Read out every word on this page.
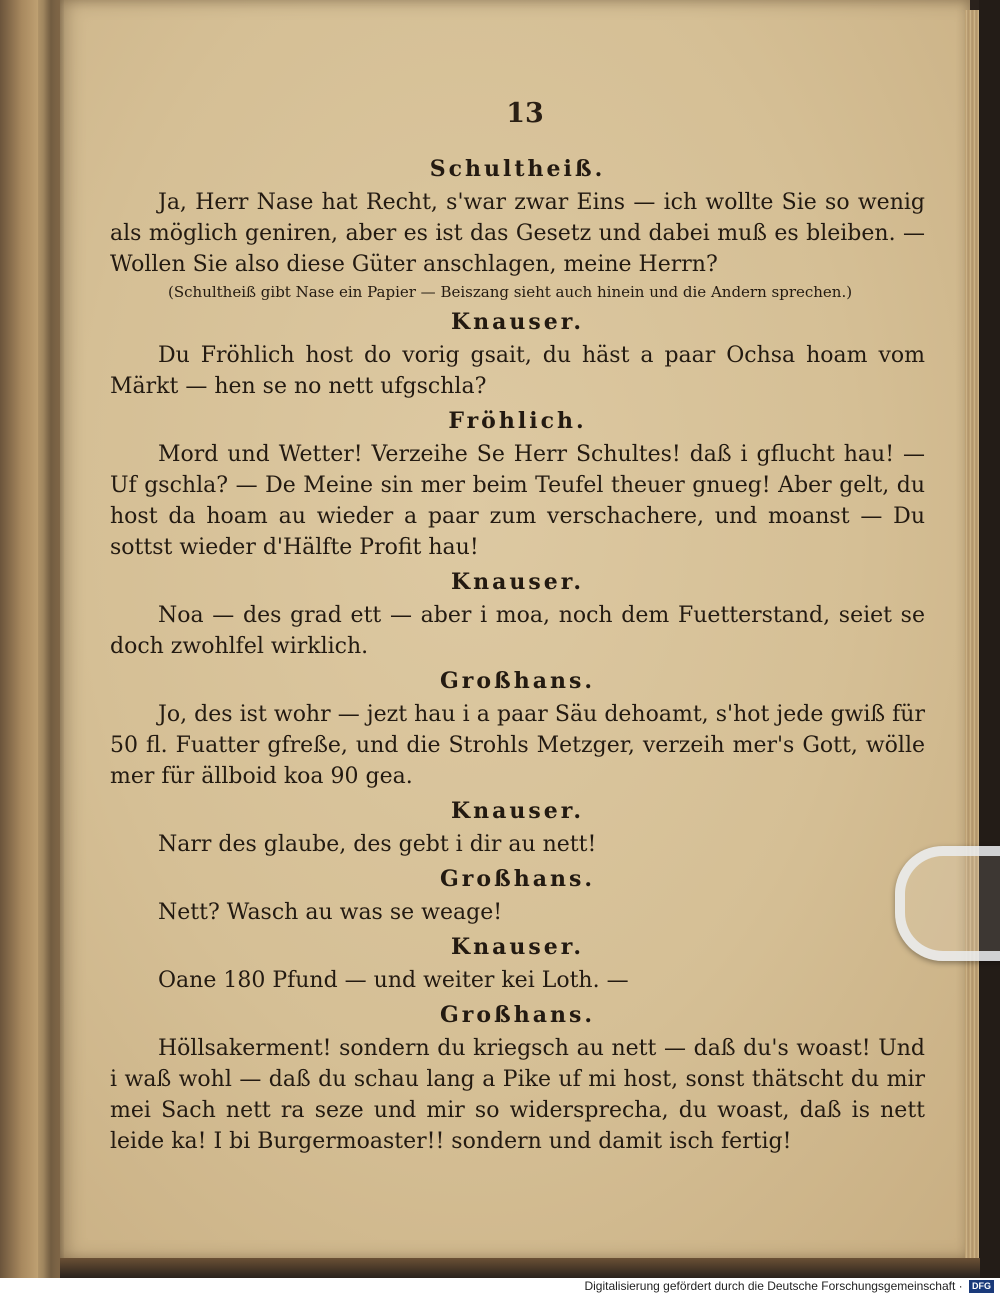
13

Schultheiß.

Ja, Herr Nase hat Recht, s'war zwar Eins — ich wollte Sie so wenig als möglich geniren, aber es ist das Gesetz und dabei muß es bleiben. — Wollen Sie also diese Güter anschlagen, meine Herrn?

(Schultheiß gibt Nase ein Papier — Beiszang sieht auch hinein und die Andern sprechen.)

Knauser.

Du Fröhlich host do vorig gsait, du häst a paar Ochsa hoam vom Märkt — hen se no nett ufgschla?

Fröhlich.

Mord und Wetter! Verzeihe Se Herr Schultes! daß i gflucht hau! — Uf gschla? — De Meine sin mer beim Teufel theuer gnueg! Aber gelt, du host da hoam au wieder a paar zum verschachere, und moanst — Du sottst wieder d'Hälfte Profit hau!

Knauser.

Noa — des grad ett — aber i moa, noch dem Fuetterstand, seiet se doch zwohlfel wirklich.

Großhans.

Jo, des ist wohr — jezt hau i a paar Säu dehoamt, s'hot jede gwiß für 50 fl. Fuatter gfreße, und die Strohls Metzger, verzeih mer's Gott, wölle mer für ällboid koa 90 gea.

Knauser.

Narr des glaube, des gebt i dir au nett!

Großhans.

Nett? Wasch au was se weage!

Knauser.

Oane 180 Pfund — und weiter kei Loth. —

Großhans.

Höllsakerment! sondern du kriegsch au nett — daß du's woast! Und i waß wohl — daß du schau lang a Pike uf mi host, sonst thätscht du mir mei Sach nett ra seze und mir so widersprecha, du woast, daß is nett leide ka! I bi Burgermoaster!! sondern und damit isch fertig!

Digitalisierung gefördert durch die Deutsche Forschungsgemeinschaft · DFG
